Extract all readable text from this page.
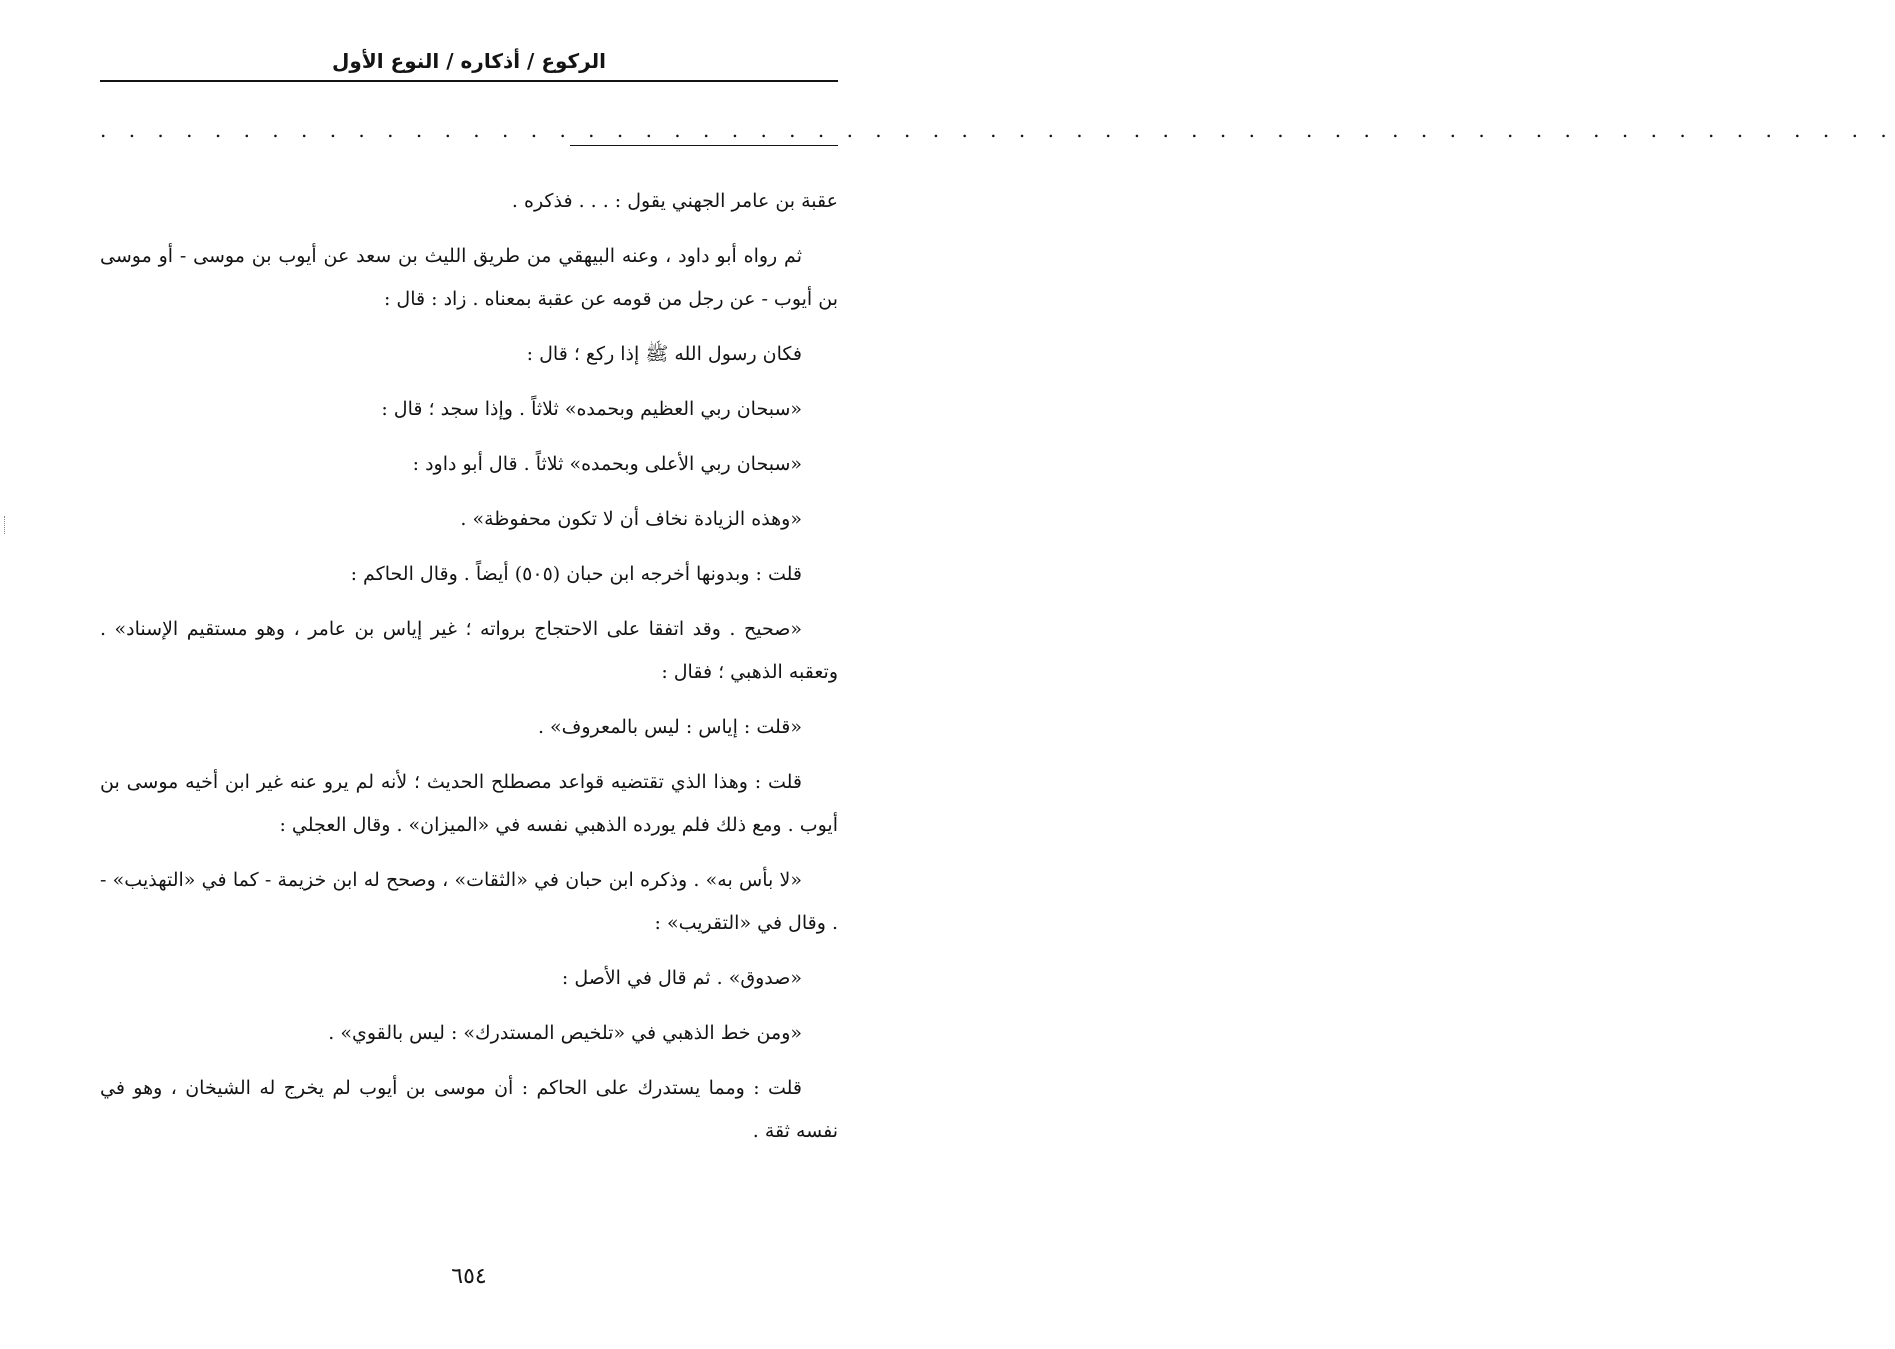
الركوع / أذكاره / النوع الأول
. . . . . . . . . . . . . . . . . . . . . . . . . . . . . . . . . . . . . . . . . . . . . . . . . . . . . . . . . . . . . . .

عقبة بن عامر الجهني يقول : . . . فذكره .

ثم رواه أبو داود ، وعنه البيهقي من طريق الليث بن سعد عن أيوب بن موسى - أو موسى بن أيوب - عن رجل من قومه عن عقبة بمعناه . زاد : قال :

فكان رسول الله ﷺ إذا ركع ؛ قال :

«سبحان ربي العظيم وبحمده» ثلاثاً . وإذا سجد ؛ قال :

«سبحان ربي الأعلى وبحمده» ثلاثاً . قال أبو داود :

«وهذه الزيادة نخاف أن لا تكون محفوظة» .

قلت : وبدونها أخرجه ابن حبان (٥٠٥) أيضاً . وقال الحاكم :

«صحيح . وقد اتفقا على الاحتجاج برواته ؛ غير إياس بن عامر ، وهو مستقيم الإسناد» . وتعقبه الذهبي ؛ فقال :

«قلت : إياس : ليس بالمعروف» .

قلت : وهذا الذي تقتضيه قواعد مصطلح الحديث ؛ لأنه لم يرو عنه غير ابن أخيه موسى بن أيوب . ومع ذلك فلم يورده الذهبي نفسه في «الميزان» . وقال العجلي :

«لا بأس به» . وذكره ابن حبان في «الثقات» ، وصحح له ابن خزيمة - كما في «التهذيب» - . وقال في «التقريب» :

«صدوق» . ثم قال في الأصل :

«ومن خط الذهبي في «تلخيص المستدرك» : ليس بالقوي» .

قلت : ومما يستدرك على الحاكم : أن موسى بن أيوب لم يخرج له الشيخان ، وهو في نفسه ثقة .

٦٥٤
